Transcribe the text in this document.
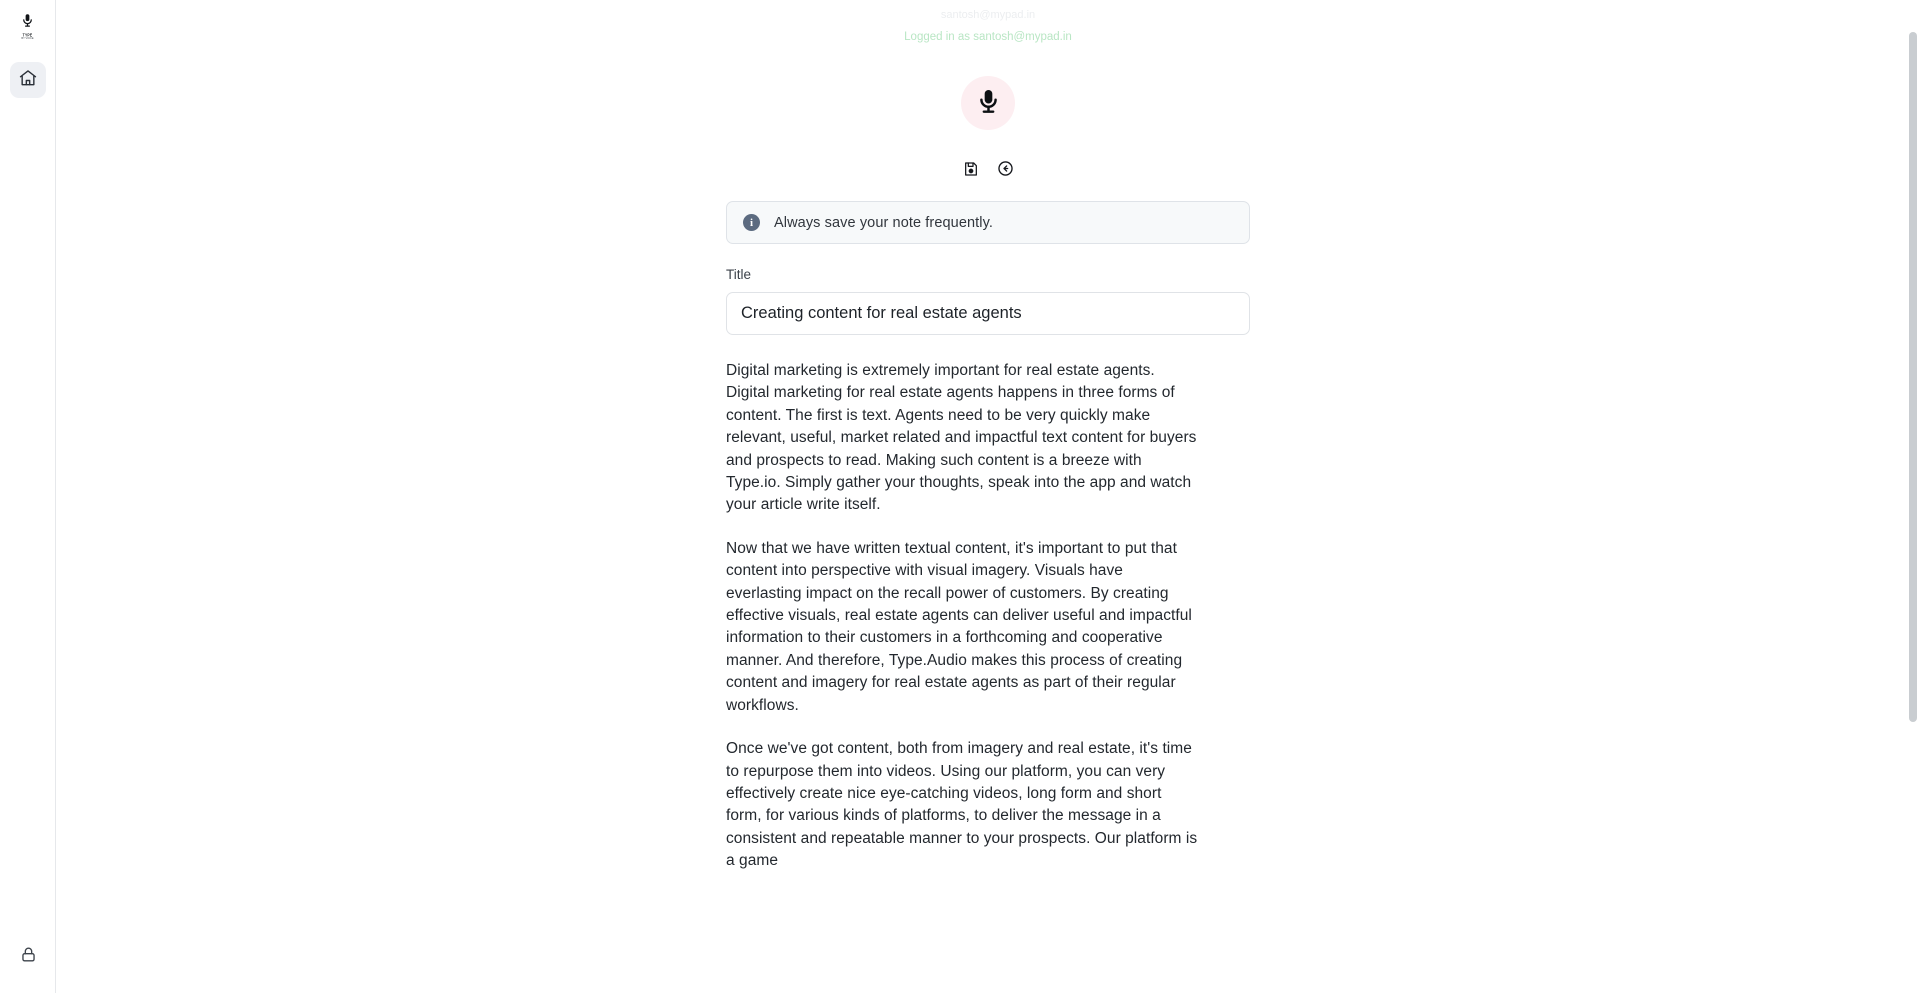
TYPE
BY VOICE
santosh@mypad.in
Logged in as santosh@mypad.in
i	Always save your note frequently.
Title
Creating content for real estate agents

Digital marketing is extremely important for real estate agents. Digital marketing for real estate agents happens in three forms of content. The first is text. Agents need to be very quickly make relevant, useful, market related and impactful text content for buyers and prospects to read. Making such content is a breeze with Type.io. Simply gather your thoughts, speak into the app and watch your article write itself.

Now that we have written textual content, it's important to put that content into perspective with visual imagery. Visuals have everlasting impact on the recall power of customers. By creating effective visuals, real estate agents can deliver useful and impactful information to their customers in a forthcoming and cooperative manner. And therefore, Type.Audio makes this process of creating content and imagery for real estate agents as part of their regular workflows.

Once we've got content, both from imagery and real estate, it's time to repurpose them into videos. Using our platform, you can very effectively create nice eye-catching videos, long form and short form, for various kinds of platforms, to deliver the message in a consistent and repeatable manner to your prospects. Our platform is a game
